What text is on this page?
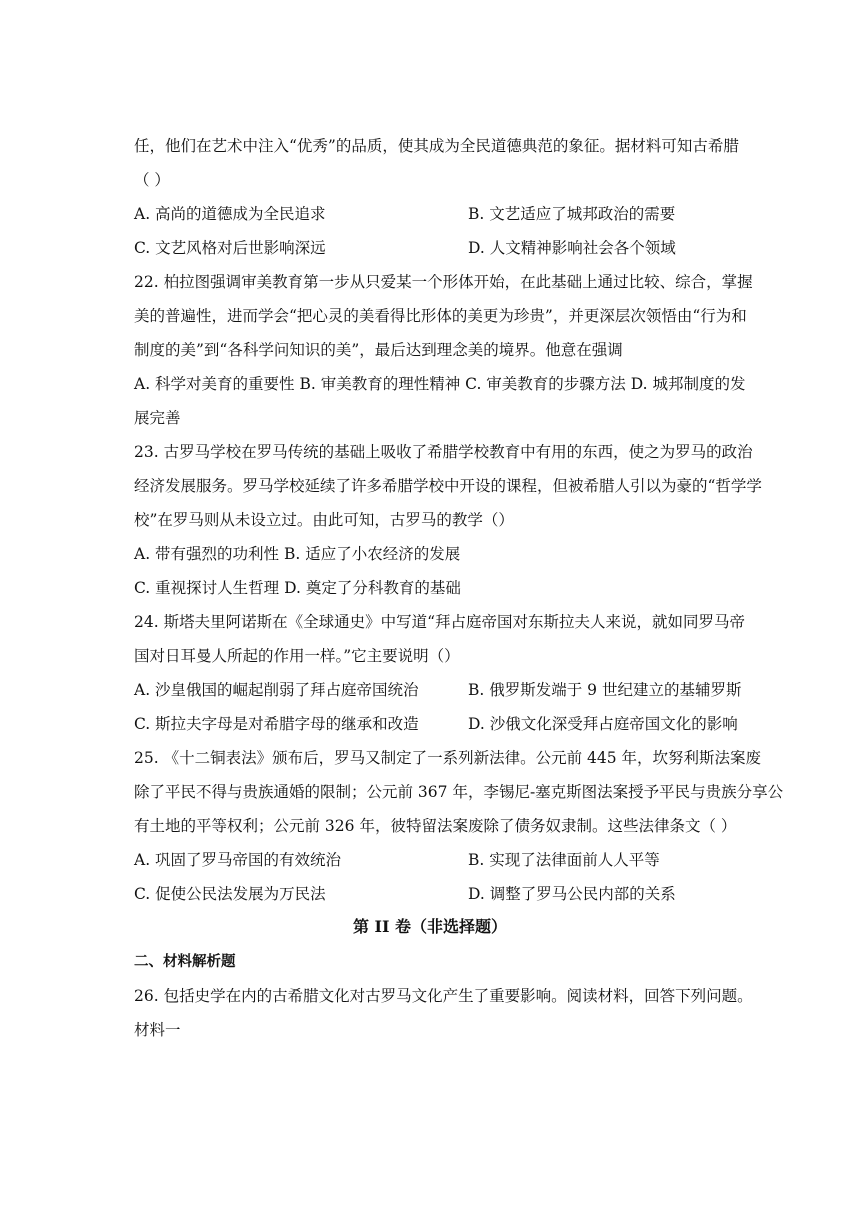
任，他们在艺术中注入“优秀”的品质，使其成为全民道德典范的象征。据材料可知古希腊
（ ）
A. 高尚的道德成为全民追求	B. 文艺适应了城邦政治的需要
C. 文艺风格对后世影响深远	D. 人文精神影响社会各个领域
22. 柏拉图强调审美教育第一步从只爱某一个形体开始，在此基础上通过比较、综合，掌握
美的普遍性，进而学会“把心灵的美看得比形体的美更为珍贵”，并更深层次领悟由“行为和
制度的美”到“各科学问知识的美”，最后达到理念美的境界。他意在强调
A. 科学对美育的重要性 B. 审美教育的理性精神 C. 审美教育的步骤方法 D. 城邦制度的发
展完善
23. 古罗马学校在罗马传统的基础上吸收了希腊学校教育中有用的东西，使之为罗马的政治
经济发展服务。罗马学校延续了许多希腊学校中开设的课程，但被希腊人引以为豪的“哲学学
校”在罗马则从未设立过。由此可知，古罗马的教学（）
A. 带有强烈的功利性 B. 适应了小农经济的发展
C. 重视探讨人生哲理 D. 奠定了分科教育的基础
24. 斯塔夫里阿诺斯在《全球通史》中写道“拜占庭帝国对东斯拉夫人来说，就如同罗马帝
国对日耳曼人所起的作用一样。”它主要说明（）
A. 沙皇俄国的崛起削弱了拜占庭帝国统治	B. 俄罗斯发端于 9 世纪建立的基辅罗斯
C. 斯拉夫字母是对希腊字母的继承和改造	D. 沙俄文化深受拜占庭帝国文化的影响
25. 《十二铜表法》颁布后，罗马又制定了一系列新法律。公元前 445 年，坎努利斯法案废
除了平民不得与贵族通婚的限制；公元前 367 年，李锡尼-塞克斯图法案授予平民与贵族分享公
有土地的平等权利；公元前 326 年，彼特留法案废除了债务奴隶制。这些法律条文（ ）
A. 巩固了罗马帝国的有效统治	B. 实现了法律面前人人平等
C. 促使公民法发展为万民法	D. 调整了罗马公民内部的关系
第 II 卷（非选择题）
二、材料解析题
26. 包括史学在内的古希腊文化对古罗马文化产生了重要影响。阅读材料，回答下列问题。
材料一
